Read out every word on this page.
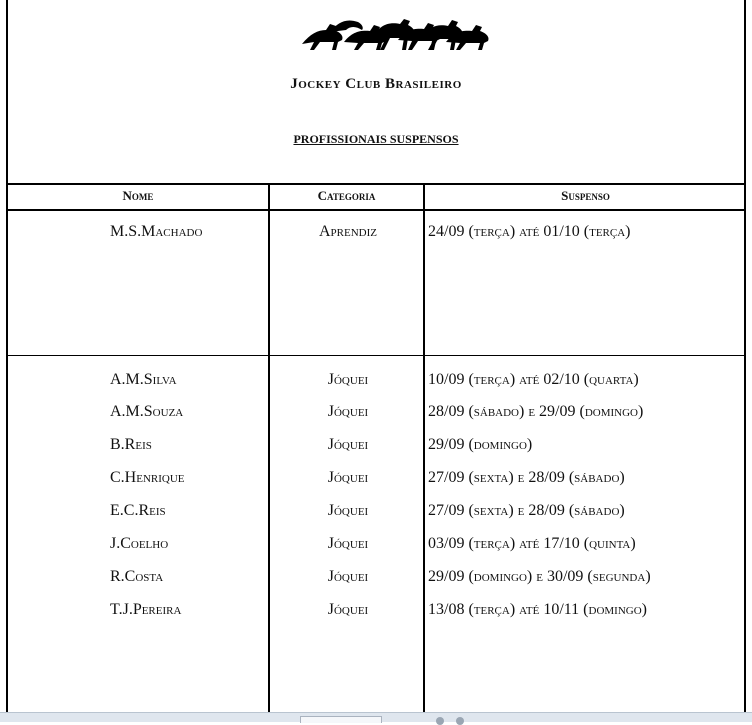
Jockey Club Brasileiro
PROFISSIONAIS SUSPENSOS
Nome	Categoria	Suspenso
M.S.Machado	Aprendiz	24/09 (terça) até 01/10 (terça)
A.M.Silva	Jóquei	10/09 (terça) até 02/10 (quarta)
A.M.Souza	Jóquei	28/09 (sábado) e 29/09 (domingo)
B.Reis	Jóquei	29/09 (domingo)
C.Henrique	Jóquei	27/09 (sexta) e 28/09 (sábado)
E.C.Reis	Jóquei	27/09 (sexta) e 28/09 (sábado)
J.Coelho	Jóquei	03/09 (terça) até 17/10 (quinta)
R.Costa	Jóquei	29/09 (domingo) e 30/09 (segunda)
T.J.Pereira	Jóquei	13/08 (terça) até 10/11 (domingo)
